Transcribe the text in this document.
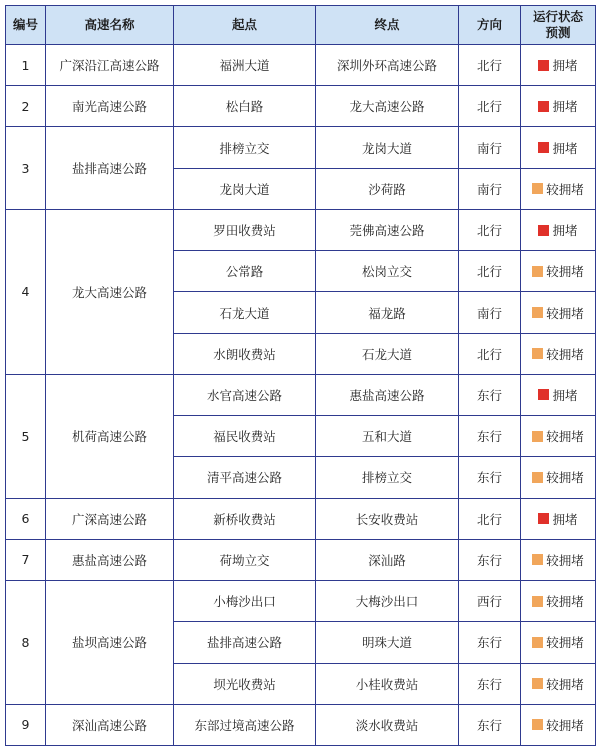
编号	高速名称	起点	终点	方向	运行状态
预测

1	广深沿江高速公路	福洲大道	深圳外环高速公路	北行	拥堵

2	南光高速公路	松白路	龙大高速公路	北行	拥堵

3	盐排高速公路	排榜立交	龙岗大道	南行	拥堵

		龙岗大道	沙荷路	南行	较拥堵

4	龙大高速公路	罗田收费站	莞佛高速公路	北行	拥堵

		公常路	松岗立交	北行	较拥堵

		石龙大道	福龙路	南行	较拥堵

		水朗收费站	石龙大道	北行	较拥堵

5	机荷高速公路	水官高速公路	惠盐高速公路	东行	拥堵

		福民收费站	五和大道	东行	较拥堵

		清平高速公路	排榜立交	东行	较拥堵

6	广深高速公路	新桥收费站	长安收费站	北行	拥堵

7	惠盐高速公路	荷坳立交	深汕路	东行	较拥堵

8	盐坝高速公路	小梅沙出口	大梅沙出口	西行	较拥堵

		盐排高速公路	明珠大道	东行	较拥堵

		坝光收费站	小桂收费站	东行	较拥堵

9	深汕高速公路	东部过境高速公路	淡水收费站	东行	较拥堵
